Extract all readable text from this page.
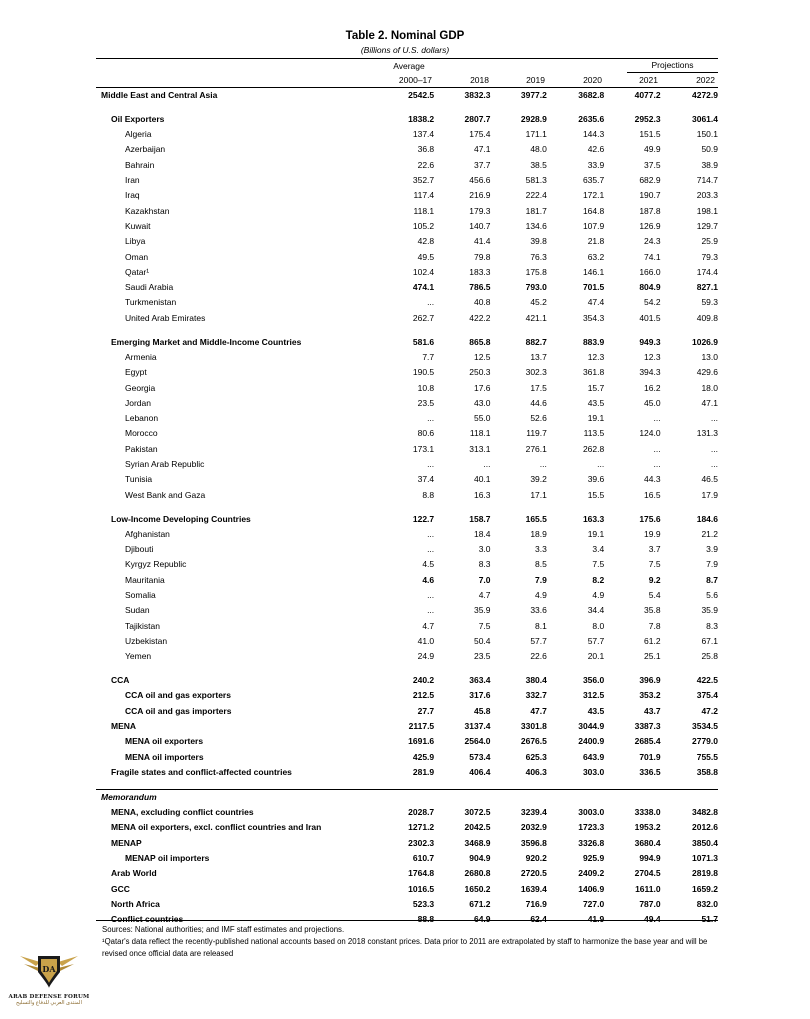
Table 2. Nominal GDP
(Billions of U.S. dollars)
Average	Projections
2000–17	2018	2019	2020	2021	2022
Middle East and Central Asia	2542.5	3832.3	3977.2	3682.8	4077.2	4272.9

Oil Exporters	1838.2	2807.7	2928.9	2635.6	2952.3	3061.4
Algeria	137.4	175.4	171.1	144.3	151.5	150.1
Azerbaijan	36.8	47.1	48.0	42.6	49.9	50.9
Bahrain	22.6	37.7	38.5	33.9	37.5	38.9
Iran	352.7	456.6	581.3	635.7	682.9	714.7
Iraq	117.4	216.9	222.4	172.1	190.7	203.3
Kazakhstan	118.1	179.3	181.7	164.8	187.8	198.1
Kuwait	105.2	140.7	134.6	107.9	126.9	129.7
Libya	42.8	41.4	39.8	21.8	24.3	25.9
Oman	49.5	79.8	76.3	63.2	74.1	79.3
Qatar¹	102.4	183.3	175.8	146.1	166.0	174.4
Saudi Arabia	474.1	786.5	793.0	701.5	804.9	827.1
Turkmenistan	...	40.8	45.2	47.4	54.2	59.3
United Arab Emirates	262.7	422.2	421.1	354.3	401.5	409.8

Emerging Market and Middle-Income Countries	581.6	865.8	882.7	883.9	949.3	1026.9
Armenia	7.7	12.5	13.7	12.3	12.3	13.0
Egypt	190.5	250.3	302.3	361.8	394.3	429.6
Georgia	10.8	17.6	17.5	15.7	16.2	18.0
Jordan	23.5	43.0	44.6	43.5	45.0	47.1
Lebanon	...	55.0	52.6	19.1	...	...
Morocco	80.6	118.1	119.7	113.5	124.0	131.3
Pakistan	173.1	313.1	276.1	262.8	...	...
Syrian Arab Republic	...	...	...	...	...	...
Tunisia	37.4	40.1	39.2	39.6	44.3	46.5
West Bank and Gaza	8.8	16.3	17.1	15.5	16.5	17.9

Low-Income Developing Countries	122.7	158.7	165.5	163.3	175.6	184.6
Afghanistan	...	18.4	18.9	19.1	19.9	21.2
Djibouti	...	3.0	3.3	3.4	3.7	3.9
Kyrgyz Republic	4.5	8.3	8.5	7.5	7.5	7.9
Mauritania	4.6	7.0	7.9	8.2	9.2	8.7
Somalia	...	4.7	4.9	4.9	5.4	5.6
Sudan	...	35.9	33.6	34.4	35.8	35.9
Tajikistan	4.7	7.5	8.1	8.0	7.8	8.3
Uzbekistan	41.0	50.4	57.7	57.7	61.2	67.1
Yemen	24.9	23.5	22.6	20.1	25.1	25.8

CCA	240.2	363.4	380.4	356.0	396.9	422.5
CCA oil and gas exporters	212.5	317.6	332.7	312.5	353.2	375.4
CCA oil and gas importers	27.7	45.8	47.7	43.5	43.7	47.2
MENA	2117.5	3137.4	3301.8	3044.9	3387.3	3534.5
MENA oil exporters	1691.6	2564.0	2676.5	2400.9	2685.4	2779.0
MENA oil importers	425.9	573.4	625.3	643.9	701.9	755.5
Fragile states and conflict-affected countries	281.9	406.4	406.3	303.0	336.5	358.8

Memorandum						
MENA, excluding conflict countries	2028.7	3072.5	3239.4	3003.0	3338.0	3482.8
MENA oil exporters, excl. conflict countries and Iran	1271.2	2042.5	2032.9	1723.3	1953.2	2012.6
MENAP	2302.3	3468.9	3596.8	3326.8	3680.4	3850.4
MENAP oil importers	610.7	904.9	920.2	925.9	994.9	1071.3
Arab World	1764.8	2680.8	2720.5	2409.2	2704.5	2819.8
GCC	1016.5	1650.2	1639.4	1406.9	1611.0	1659.2
North Africa	523.3	671.2	716.9	727.0	787.0	832.0
Conflict countries	88.8	64.9	62.4	41.9	49.4	51.7
Sources: National authorities; and IMF staff estimates and projections.
¹Qatar's data reflect the recently-published national accounts based on 2018 constant prices. Data prior to 2011 are extrapolated by staff to harmonize the base year and will be revised once official data are released
DA
ARAB DEFENSE FORUM
المنتدى العربي للدفاع والتسليح
